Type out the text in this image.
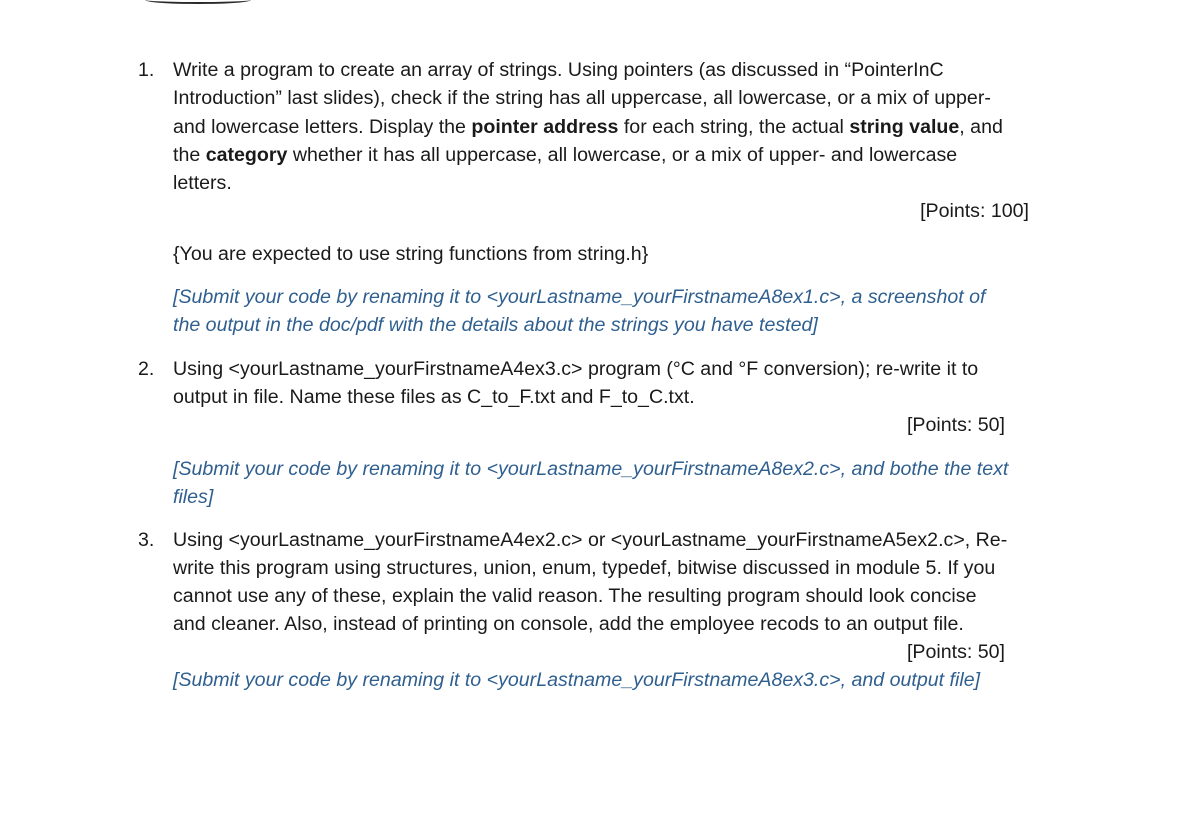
1. Write a program to create an array of strings. Using pointers (as discussed in “PointerInC
Introduction” last slides), check if the string has all uppercase, all lowercase, or a mix of upper-
and lowercase letters. Display the pointer address for each string, the actual string value, and
the category whether it has all uppercase, all lowercase, or a mix of upper- and lowercase
letters.
[Points: 100]
{You are expected to use string functions from string.h}
[Submit your code by renaming it to <yourLastname_yourFirstnameA8ex1.c>, a screenshot of
the output in the doc/pdf with the details about the strings you have tested]
2. Using <yourLastname_yourFirstnameA4ex3.c> program (°C and °F conversion); re-write it to
output in file. Name these files as C_to_F.txt and F_to_C.txt.
[Points: 50]
[Submit your code by renaming it to <yourLastname_yourFirstnameA8ex2.c>, and bothe the text
files]
3. Using <yourLastname_yourFirstnameA4ex2.c> or <yourLastname_yourFirstnameA5ex2.c>, Re-
write this program using structures, union, enum, typedef, bitwise discussed in module 5. If you
cannot use any of these, explain the valid reason. The resulting program should look concise
and cleaner. Also, instead of printing on console, add the employee recods to an output file.
[Points: 50]
[Submit your code by renaming it to <yourLastname_yourFirstnameA8ex3.c>, and output file]
